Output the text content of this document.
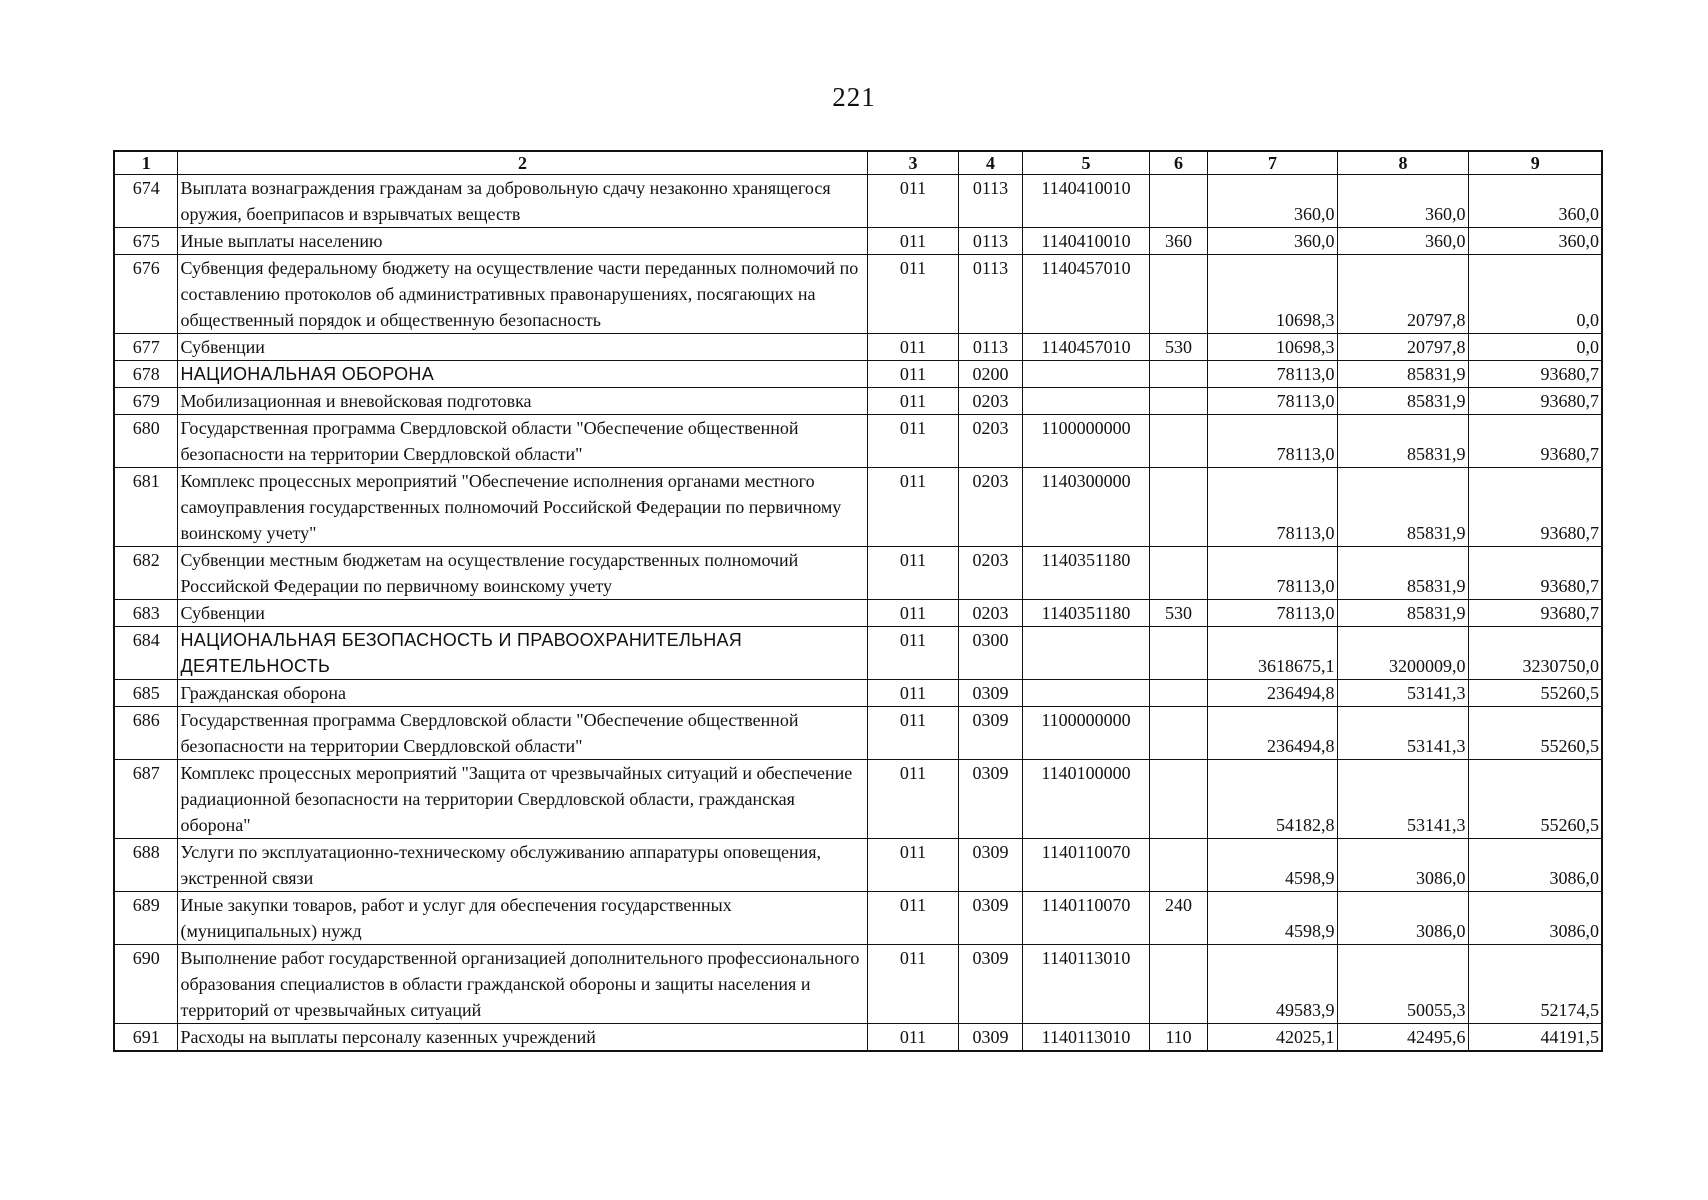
221
1	2	3	4	5	6	7	8	9
674	Выплата вознаграждения гражданам за добровольную сдачу незаконно хранящегося оружия, боеприпасов и взрывчатых веществ	011	0113	1140410010		360,0	360,0	360,0
675	Иные выплаты населению	011	0113	1140410010	360	360,0	360,0	360,0
676	Субвенция федеральному бюджету на осуществление части переданных полномочий по составлению протоколов об административных правонарушениях, посягающих на общественный порядок и общественную безопасность	011	0113	1140457010		10698,3	20797,8	0,0
677	Субвенции	011	0113	1140457010	530	10698,3	20797,8	0,0
678	НАЦИОНАЛЬНАЯ ОБОРОНА	011	0200			78113,0	85831,9	93680,7
679	Мобилизационная и вневойсковая подготовка	011	0203			78113,0	85831,9	93680,7
680	Государственная программа Свердловской области "Обеспечение общественной безопасности на территории Свердловской области"	011	0203	1100000000		78113,0	85831,9	93680,7
681	Комплекс процессных мероприятий "Обеспечение исполнения органами местного самоуправления государственных полномочий Российской Федерации по первичному воинскому учету"	011	0203	1140300000		78113,0	85831,9	93680,7
682	Субвенции местным бюджетам на осуществление государственных полномочий Российской Федерации по первичному воинскому учету	011	0203	1140351180		78113,0	85831,9	93680,7
683	Субвенции	011	0203	1140351180	530	78113,0	85831,9	93680,7
684	НАЦИОНАЛЬНАЯ БЕЗОПАСНОСТЬ И ПРАВООХРАНИТЕЛЬНАЯ ДЕЯТЕЛЬНОСТЬ	011	0300			3618675,1	3200009,0	3230750,0
685	Гражданская оборона	011	0309			236494,8	53141,3	55260,5
686	Государственная программа Свердловской области "Обеспечение общественной безопасности на территории Свердловской области"	011	0309	1100000000		236494,8	53141,3	55260,5
687	Комплекс процессных мероприятий "Защита от чрезвычайных ситуаций и обеспечение радиационной безопасности на территории Свердловской области, гражданская оборона"	011	0309	1140100000		54182,8	53141,3	55260,5
688	Услуги по эксплуатационно-техническому обслуживанию аппаратуры оповещения, экстренной связи	011	0309	1140110070		4598,9	3086,0	3086,0
689	Иные закупки товаров, работ и услуг для обеспечения государственных (муниципальных) нужд	011	0309	1140110070	240	4598,9	3086,0	3086,0
690	Выполнение работ государственной организацией дополнительного профессионального образования специалистов в области гражданской обороны и защиты населения и территорий от чрезвычайных ситуаций	011	0309	1140113010		49583,9	50055,3	52174,5
691	Расходы на выплаты персоналу казенных учреждений	011	0309	1140113010	110	42025,1	42495,6	44191,5
